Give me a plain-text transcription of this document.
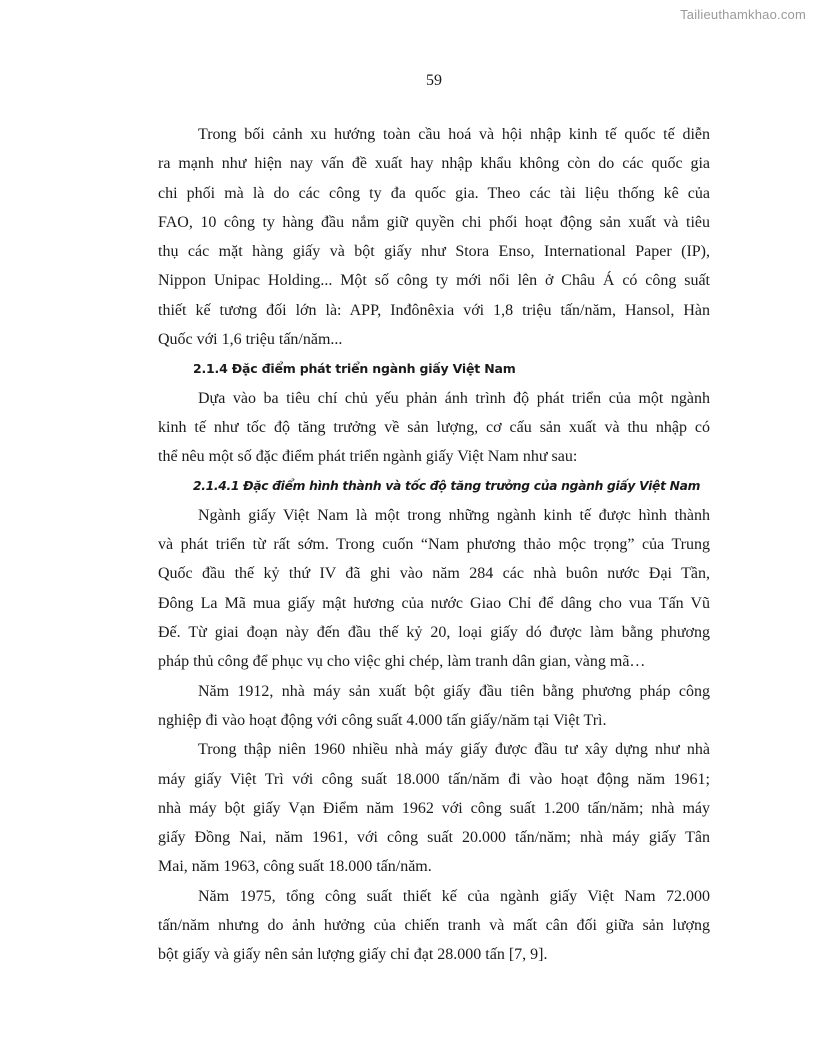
Tailieuthamkhao.com
59

Trong bối cảnh xu hướng toàn cầu hoá và hội nhập kinh tế quốc tế diễn
ra mạnh như hiện nay vấn đề xuất hay nhập khẩu không còn do các quốc gia
chi phối mà là do các công ty đa quốc gia. Theo các tài liệu thống kê của
FAO, 10 công ty hàng đầu nắm giữ quyền chi phối hoạt động sản xuất và tiêu
thụ các mặt hàng giấy và bột giấy như Stora Enso, International Paper (IP),
Nippon Unipac Holding... Một số công ty mới nổi lên ở Châu Á có công suất
thiết kế tương đối lớn là: APP, Inđônêxia với 1,8 triệu tấn/năm, Hansol, Hàn
Quốc với 1,6 triệu tấn/năm...

2.1.4 Đặc điểm phát triển ngành giấy Việt Nam

Dựa vào ba tiêu chí chủ yếu phản ánh trình độ phát triển của một ngành
kinh tế như tốc độ tăng trưởng về sản lượng, cơ cấu sản xuất và thu nhập có
thể nêu một số đặc điểm phát triển ngành giấy Việt Nam như sau:

2.1.4.1 Đặc điểm hình thành và tốc độ tăng trưởng của ngành giấy Việt Nam

Ngành giấy Việt Nam là một trong những ngành kinh tế được hình thành
và phát triển từ rất sớm. Trong cuốn “Nam phương thảo mộc trọng” của Trung
Quốc đầu thế kỷ thứ IV đã ghi vào năm 284 các nhà buôn nước Đại Tần,
Đông La Mã mua giấy mật hương của nước Giao Chỉ để dâng cho vua Tấn Vũ
Đế. Từ giai đoạn này đến đầu thế kỷ 20, loại giấy dó được làm bằng phương
pháp thủ công để phục vụ cho việc ghi chép, làm tranh dân gian, vàng mã…

Năm 1912, nhà máy sản xuất bột giấy đầu tiên bằng phương pháp công
nghiệp đi vào hoạt động với công suất 4.000 tấn giấy/năm tại Việt Trì.

Trong thập niên 1960 nhiều nhà máy giấy được đầu tư xây dựng như nhà
máy giấy Việt Trì với công suất 18.000 tấn/năm đi vào hoạt động năm 1961;
nhà máy bột giấy Vạn Điểm năm 1962 với công suất 1.200 tấn/năm; nhà máy
giấy Đồng Nai, năm 1961, với công suất 20.000 tấn/năm; nhà máy giấy Tân
Mai, năm 1963, công suất 18.000 tấn/năm.

Năm 1975, tổng công suất thiết kế của ngành giấy Việt Nam 72.000
tấn/năm nhưng do ảnh hưởng của chiến tranh và mất cân đối giữa sản lượng
bột giấy và giấy nên sản lượng giấy chỉ đạt 28.000 tấn [7, 9].
